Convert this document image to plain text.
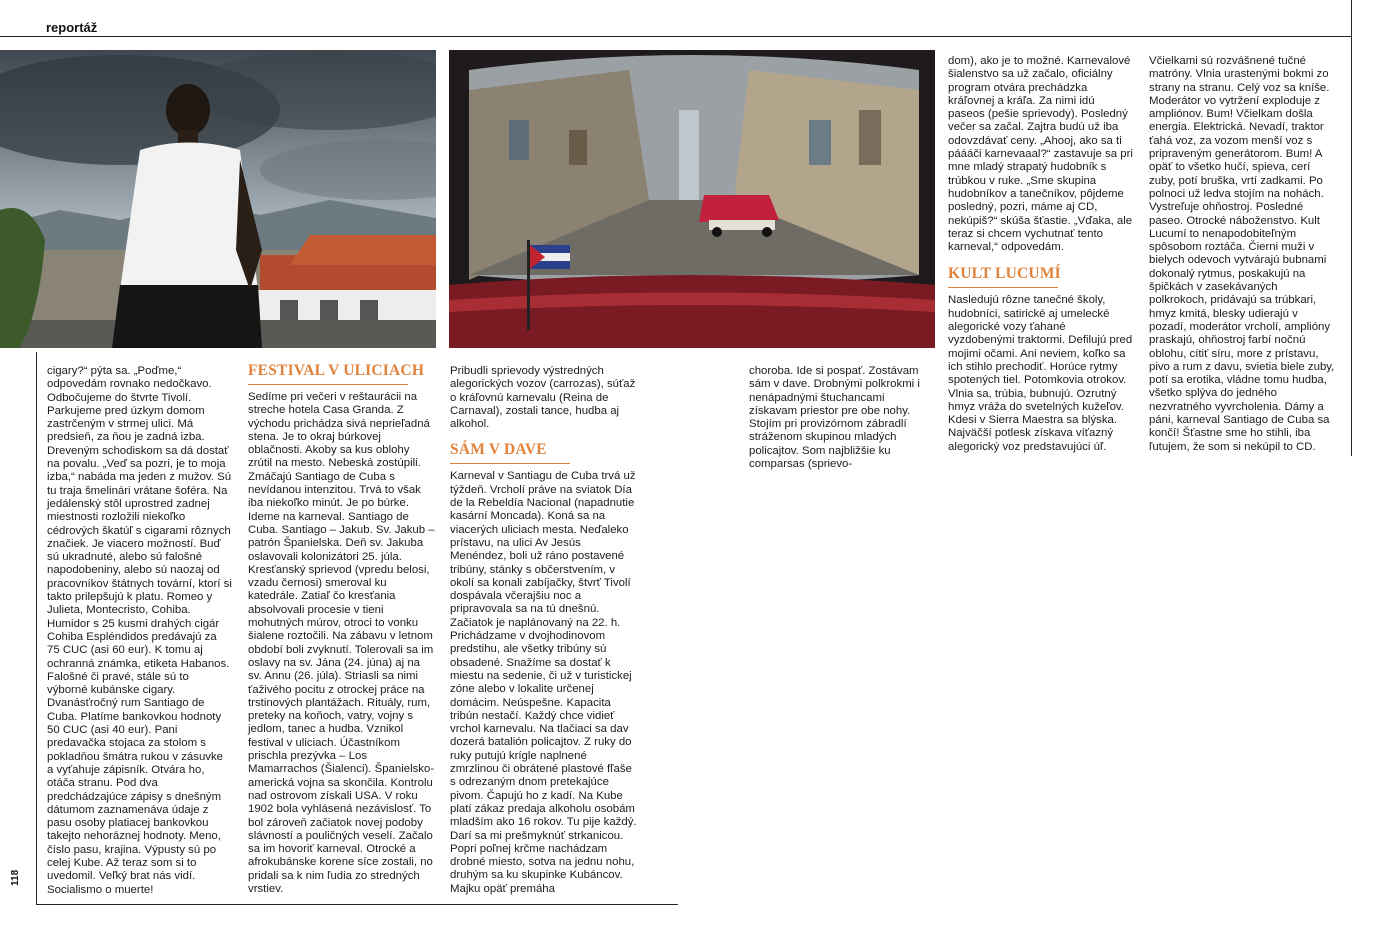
reportáž
118

cigary?“ pýta sa. „Poďme,“ odpovedám rovnako nedočkavo. Odbočujeme do štvrte Tivolí. Parkujeme pred úzkym domom zastrčeným v strmej ulici. Má predsieň, za ňou je zadná izba. Dreveným schodiskom sa dá dostať na povalu. „Veď sa pozri, je to moja izba,“ nabáda ma jeden z mužov. Sú tu traja šmelinári vrátane šoféra. Na jedálenský stôl uprostred zadnej miestnosti rozložili niekoľko cédrových škatúľ s cigarami rôznych značiek. Je viacero možností. Buď sú ukradnuté, alebo sú falošné napodobeniny, alebo sú naozaj od pracovníkov štátnych tovární, ktorí si takto prilepšujú k platu. Romeo y Julieta, Montecristo, Cohiba. Humidor s 25 kusmi drahých cigár Cohiba Espléndidos predávajú za 75 CUC (asi 60 eur). K tomu aj ochranná známka, etiketa Habanos. Falošné či pravé, stále sú to výborné kubánske cigary. Dvanásťročný rum Santiago de Cuba. Platíme bankovkou hodnoty 50 CUC (asi 40 eur). Pani predavačka stojaca za stolom s pokladňou šmátra rukou v zásuvke a vyťahuje zápisník. Otvára ho, otáča stranu. Pod dva predchádzajúce zápisy s dnešným dátumom zaznamenáva údaje z pasu osoby platiacej bankovkou takejto nehoráznej hodnoty. Meno, číslo pasu, krajina. Výpusty sú po celej Kube. Až teraz som si to uvedomil. Veľký brat nás vidí. Socialismo o muerte!

FESTIVAL V ULICIACH

Sedíme pri večeri v reštaurácii na streche hotela Casa Granda. Z východu prichádza sivá neprieľadná stena. Je to okraj búrkovej oblačnosti. Akoby sa kus oblohy zrútil na mesto. Nebeská zostúpili. Zmáčajú Santiago de Cuba s nevídanou intenzitou. Trvá to však iba niekoľko minút. Je po búrke. Ideme na karneval. Santiago de Cuba. Santiago – Jakub. Sv. Jakub – patrón Španielska. Deň sv. Jakuba oslavovali kolonizátori 25. júla. Kresťanský sprievod (vpredu belosi, vzadu černosi) smeroval ku katedrále. Zatiaľ čo kresťania absolvovali procesie v tieni mohutných múrov, otroci to vonku šialene roztočili. Na zábavu v letnom období boli zvyknutí. Tolerovali sa im oslavy na sv. Jána (24. júna) aj na sv. Annu (26. júla). Striasli sa nimi ťaživého pocitu z otrockej práce na trstinových plantážach. Rituály, rum, preteky na koňoch, vatry, vojny s jedlom, tanec a hudba. Vznikol festival v uliciach. Účastníkom prischla prezývka – Los Mamarrachos (Šialenci). Španielsko-americká vojna sa skončila. Kontrolu nad ostrovom získali USA. V roku 1902 bola vyhlásená nezávislosť. To bol zároveň začiatok novej podoby slávností a pouličných veselí. Začalo sa im hovoriť karneval. Otrocké a afrokubánske korene síce zostali, no pridali sa k nim ľudia zo stredných vrstiev.

Pribudli sprievody výstredných alegorických vozov (carrozas), súťaž o kráľovnú karnevalu (Reina de Carnaval), zostali tance, hudba aj alkohol.

SÁM V DAVE

Karneval v Santiagu de Cuba trvá už týždeň. Vrcholí práve na sviatok Día de la Rebeldía Nacional (napadnutie kasární Moncada). Koná sa na viacerých uliciach mesta. Neďaleko prístavu, na ulici Av Jesús Menéndez, boli už ráno postavené tribúny, stánky s občerstvením, v okolí sa konali zabíjačky, štvrť Tivolí dospávala včerajšiu noc a pripravovala sa na tú dnešnú. Začiatok je naplánovaný na 22. h. Prichádzame v dvojhodinovom predstihu, ale všetky tribúny sú obsadené. Snažíme sa dostať k miestu na sedenie, či už v turistickej zóne alebo v lokalite určenej domácim. Neúspešne. Kapacita tribún nestačí. Každý chce vidieť vrchol karnevalu. Na tlačiaci sa dav dozerá batalión policajtov. Z ruky do ruky putujú krígle naplnené zmrzlinou či obrátené plastové fľaše s odrezaným dnom pretekajúce pivom. Čapujú ho z kadí. Na Kube platí zákaz predaja alkoholu osobám mladším ako 16 rokov. Tu pije každý. Darí sa mi prešmyknúť strkanicou. Popri poľnej krčme nachádzam drobné miesto, sotva na jednu nohu, druhým sa ku skupinke Kubáncov. Majku opäť premáha

choroba. Ide si pospať. Zostávam sám v dave. Drobnými polkrokmi i nenápadnými štuchancami získavam priestor pre obe nohy. Stojím pri provizórnom zábradlí stráženom skupinou mladých policajtov. Som najbližšie ku comparsas (sprievo-

dom), ako je to možné. Karnevalové šialenstvo sa už začalo, oficiálny program otvára prechádzka kráľovnej a kráľa. Za nimi idú paseos (pešie sprievody). Posledný večer sa začal. Zajtra budú už iba odovzdávať ceny. „Ahooj, ako sa ti páááči karnevaaal?“ zastavuje sa pri mne mladý strapatý hudobník s trúbkou v ruke. „Sme skupina hudobníkov a tanečníkov, pôjdeme posledný, pozri, máme aj CD, nekúpiš?“ skúša šťastie. „Vďaka, ale teraz si chcem vychutnať tento karneval,“ odpovedám.

KULT LUCUMÍ

Nasledujú rôzne tanečné školy, hudobníci, satirické aj umelecké alegorické vozy ťahané vyzdobenými traktormi. Defilujú pred mojimi očami. Ani neviem, koľko sa ich stihlo prechodiť. Horúce rytmy spotených tiel. Potomkovia otrokov. Vlnia sa, trúbia, bubnujú. Ozrutný hmyz vráža do svetelných kužeľov. Kdesi v Sierra Maestra sa blýska. Najväčší potlesk získava víťazný alegorický voz predstavujúci úľ.

Včielkami sú rozvášnené tučné matróny. Vlnia urastenými bokmi zo strany na stranu. Celý voz sa kníše. Moderátor vo vytržení exploduje z ampliónov. Bum! Včielkam došla energia. Elektrická. Nevadí, traktor ťahá voz, za vozom menší voz s pripraveným generátorom. Bum! A opäť to všetko hučí, spieva, cerí zuby, potí bruška, vrtí zadkami. Po polnoci už ledva stojím na nohách. Vystreľuje ohňostroj. Posledné paseo. Otrocké náboženstvo. Kult Lucumí to nenapodobiteľným spôsobom roztáča. Čierni muži v bielych odevoch vytvárajú bubnami dokonalý rytmus, poskakujú na špičkách v zasekávaných polkrokoch, pridávajú sa trúbkari, hmyz kmitá, blesky udierajú v pozadí, moderátor vrcholí, amplióny praskajú, ohňostroj farbí nočnú oblohu, cítiť síru, more z prístavu, pivo a rum z davu, svietia biele zuby, potí sa erotika, vládne tomu hudba, všetko splýva do jedného nezvratného vyvrcholenia. Dámy a páni, karneval Santiago de Cuba sa končí! Šťastne sme ho stihli, iba ľutujem, že som si nekúpil to CD.
